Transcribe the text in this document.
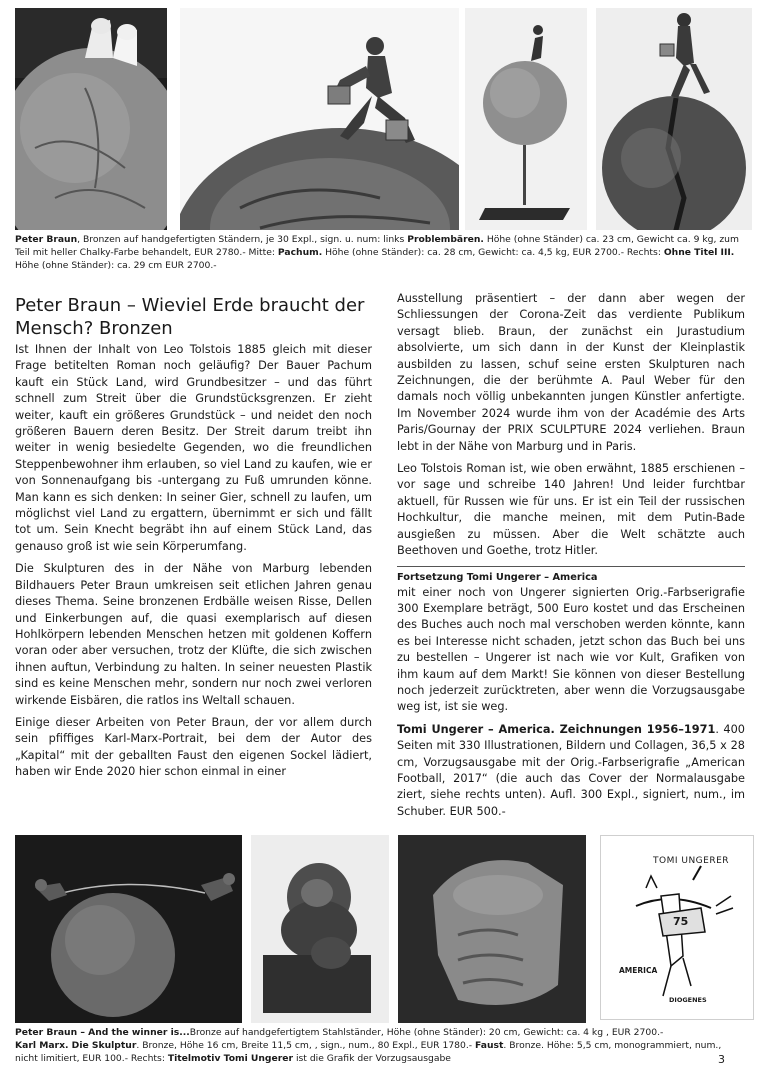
Peter Braun, Bronzen auf handgefertigten Ständern, je 30 Expl., sign. u. num: links Problembären. Höhe (ohne Ständer) ca. 23 cm, Gewicht ca. 9 kg, zum Teil mit heller Chalky-Farbe behandelt, EUR 2780.- Mitte: Pachum. Höhe (ohne Ständer): ca. 28 cm, Gewicht: ca. 4,5 kg, EUR 2700.- Rechts: Ohne Titel III. Höhe (ohne Ständer): ca. 29 cm EUR 2700.-
Peter Braun – Wieviel Erde braucht der Mensch? Bronzen

Ist Ihnen der Inhalt von Leo Tolstois 1885 gleich mit dieser Frage betitelten Roman noch geläufig? Der Bauer Pachum kauft ein Stück Land, wird Grundbesitzer – und das führt schnell zum Streit über die Grundstücksgrenzen. Er zieht weiter, kauft ein größeres Grundstück – und neidet den noch größeren Bauern deren Besitz. Der Streit darum treibt ihn weiter in wenig besiedelte Gegenden, wo die freundlichen Steppenbewohner ihm erlauben, so viel Land zu kaufen, wie er von Sonnenaufgang bis -untergang zu Fuß umrunden könne. Man kann es sich denken: In seiner Gier, schnell zu laufen, um möglichst viel Land zu ergattern, übernimmt er sich und fällt tot um. Sein Knecht begräbt ihn auf einem Stück Land, das genauso groß ist wie sein Körperumfang.

Die Skulpturen des in der Nähe von Marburg lebenden Bildhauers Peter Braun umkreisen seit etlichen Jahren genau dieses Thema. Seine bronzenen Erdbälle weisen Risse, Dellen und Einkerbungen auf, die quasi exemplarisch auf diesen Hohlkörpern lebenden Menschen hetzen mit goldenen Koffern voran oder aber versuchen, trotz der Klüfte, die sich zwischen ihnen auftun, Verbindung zu halten. In seiner neuesten Plastik sind es keine Menschen mehr, sondern nur noch zwei verloren wirkende Eisbären, die ratlos ins Weltall schauen.

Einige dieser Arbeiten von Peter Braun, der vor allem durch sein pfiffiges Karl-Marx-Portrait, bei dem der Autor des „Kapital“ mit der geballten Faust den eigenen Sockel lädiert, haben wir Ende 2020 hier schon einmal in einer

Ausstellung präsentiert – der dann aber wegen der Schliessungen der Corona-Zeit das verdiente Publikum versagt blieb. Braun, der zunächst ein Jurastudium absolvierte, um sich dann in der Kunst der Kleinplastik ausbilden zu lassen, schuf seine ersten Skulpturen nach Zeichnungen, die der berühmte A. Paul Weber für den damals noch völlig unbekannten jungen Künstler anfertigte. Im November 2024 wurde ihm von der Académie des Arts Paris/Gournay der PRIX SCULPTURE 2024 verliehen. Braun lebt in der Nähe von Marburg und in Paris.

Leo Tolstois Roman ist, wie oben erwähnt, 1885 erschienen – vor sage und schreibe 140 Jahren! Und leider furchtbar aktuell, für Russen wie für uns. Er ist ein Teil der russischen Hochkultur, die manche meinen, mit dem Putin-Bade ausgießen zu müssen. Aber die Welt schätzte auch Beethoven und Goethe, trotz Hitler.

Fortsetzung Tomi Ungerer – America

mit einer noch von Ungerer signierten Orig.-Farbserigrafie 300 Exemplare beträgt, 500 Euro kostet und das Erscheinen des Buches auch noch mal verschoben werden könnte, kann es bei Interesse nicht schaden, jetzt schon das Buch bei uns zu bestellen – Ungerer ist nach wie vor Kult, Grafiken von ihm kaum auf dem Markt! Sie können von dieser Bestellung noch jederzeit zurücktreten, aber wenn die Vorzugsausgabe weg ist, ist sie weg.

Tomi Ungerer – America. Zeichnungen 1956–1971. 400 Seiten mit 330 Illustrationen, Bildern und Collagen, 36,5 x 28 cm, Vorzugsausgabe mit der Orig.-Farbserigrafie „American Football, 2017“ (die auch das Cover der Normalausgabe ziert, siehe rechts unten). Aufl. 300 Expl., signiert, num., im Schuber. EUR 500.-

TOMI UNGERER
75
AMERICA
DIOGENES
Peter Braun – And the winner is...Bronze auf handgefertigtem Stahlständer, Höhe (ohne Ständer): 20 cm, Gewicht: ca. 4 kg , EUR 2700.-
Karl Marx. Die Skulptur. Bronze, Höhe 16 cm, Breite 11,5 cm, , sign., num., 80 Expl., EUR 1780.- Faust. Bronze. Höhe: 5,5 cm, monogrammiert, num., nicht limitiert, EUR 100.- Rechts: Titelmotiv Tomi Ungerer ist die Grafik der Vorzugsausgabe	3
